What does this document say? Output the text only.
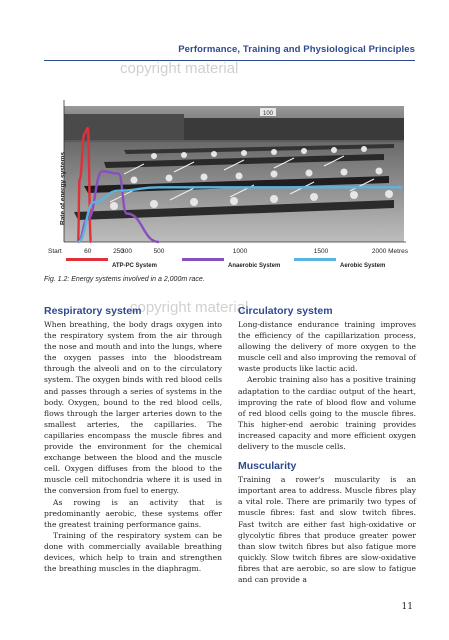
Performance, Training and Physiological Principles
100
Start	60	250
300	500	1000	1500	2000 Metres
ATP-PC System	Anaerobic System	Aerobic System
Rate of energy systems
copyright material
Fig. 1.2: Energy systems involved in a 2,000m race.
copyright material
Respiratory system

When breathing, the body drags oxygen into the respiratory system from the air through the nose and mouth and into the lungs, where the oxygen passes into the bloodstream through the alveoli and on to the circulatory system. The oxygen binds with red blood cells and passes through a series of systems in the body. Oxygen, bound to the red blood cells, flows through the larger arteries down to the smallest arteries, the capillaries. The capillaries encompass the muscle fibres and provide the environment for the chemical exchange between the blood and the muscle cell. Oxygen diffuses from the blood to the muscle cell mitochondria where it is used in the conversion from fuel to energy.

As rowing is an activity that is predominantly aerobic, these systems offer the greatest training performance gains.

Training of the respiratory system can be done with commercially available breathing devices, which help to train and strengthen the breathing muscles in the diaphragm.

Circulatory system

Long-distance endurance training improves the efficiency of the capillarization process, allowing the delivery of more oxygen to the muscle cell and also improving the removal of waste products like lactic acid.

Aerobic training also has a positive training adaptation to the cardiac output of the heart, improving the rate of blood flow and volume of red blood cells going to the muscle fibres. This higher-end aerobic training provides increased capacity and more efficient oxygen delivery to the muscle cells.

Muscularity

Training a rower's muscularity is an important area to address. Muscle fibres play a vital role. There are primarily two types of muscle fibres: fast and slow twitch fibres. Fast twitch are either fast high-oxidative or glycolytic fibres that produce greater power than slow twitch fibres but also fatigue more quickly. Slow twitch fibres are slow-oxidative fibres that are aerobic, so are slow to fatigue and can provide a

11
